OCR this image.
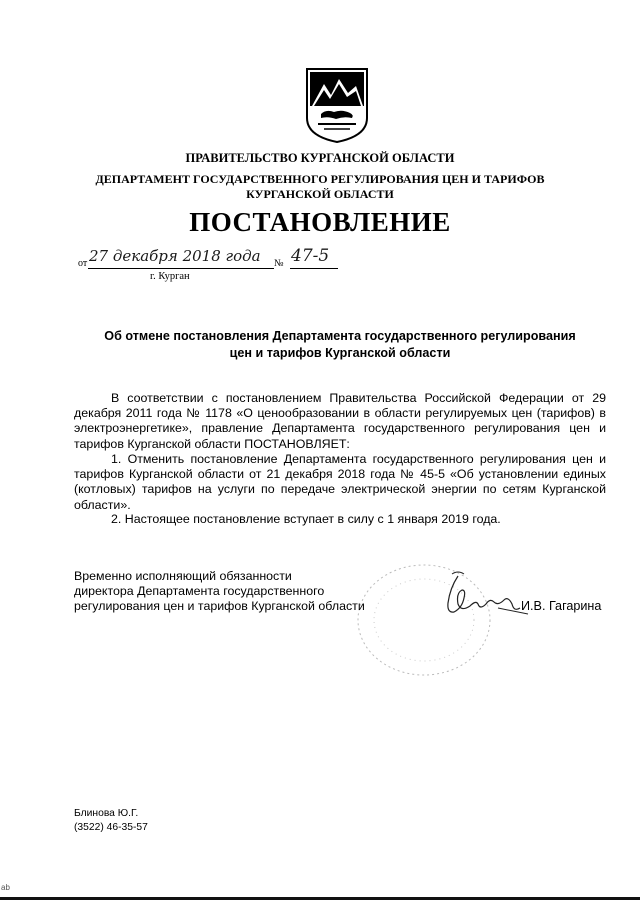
ПРАВИТЕЛЬСТВО КУРГАНСКОЙ ОБЛАСТИ
ДЕПАРТАМЕНТ ГОСУДАРСТВЕННОГО РЕГУЛИРОВАНИЯ ЦЕН И ТАРИФОВ
КУРГАНСКОЙ ОБЛАСТИ
ПОСТАНОВЛЕНИЕ
от 27 декабря 2018 года № 47-5
г. Курган
Об отмене постановления Департамента государственного регулирования
цен и тарифов Курганской области
В соответствии с постановлением Правительства Российской Федерации от 29 декабря 2011 года № 1178 «О ценообразовании в области регулируемых цен (тарифов) в электроэнергетике», правление Департамента государственного регулирования цен и тарифов Курганской области ПОСТАНОВЛЯЕТ:
1. Отменить постановление Департамента государственного регулирования цен и тарифов Курганской области от 21 декабря 2018 года № 45-5 «Об установлении единых (котловых) тарифов на услуги по передаче электрической энергии по сетям Курганской области».
2. Настоящее постановление вступает в силу с 1 января 2019 года.
Временно исполняющий обязанности
директора Департамента государственного
регулирования цен и тарифов Курганской области	И.В. Гагарина
Блинова Ю.Г.
(3522) 46-35-57
ab
